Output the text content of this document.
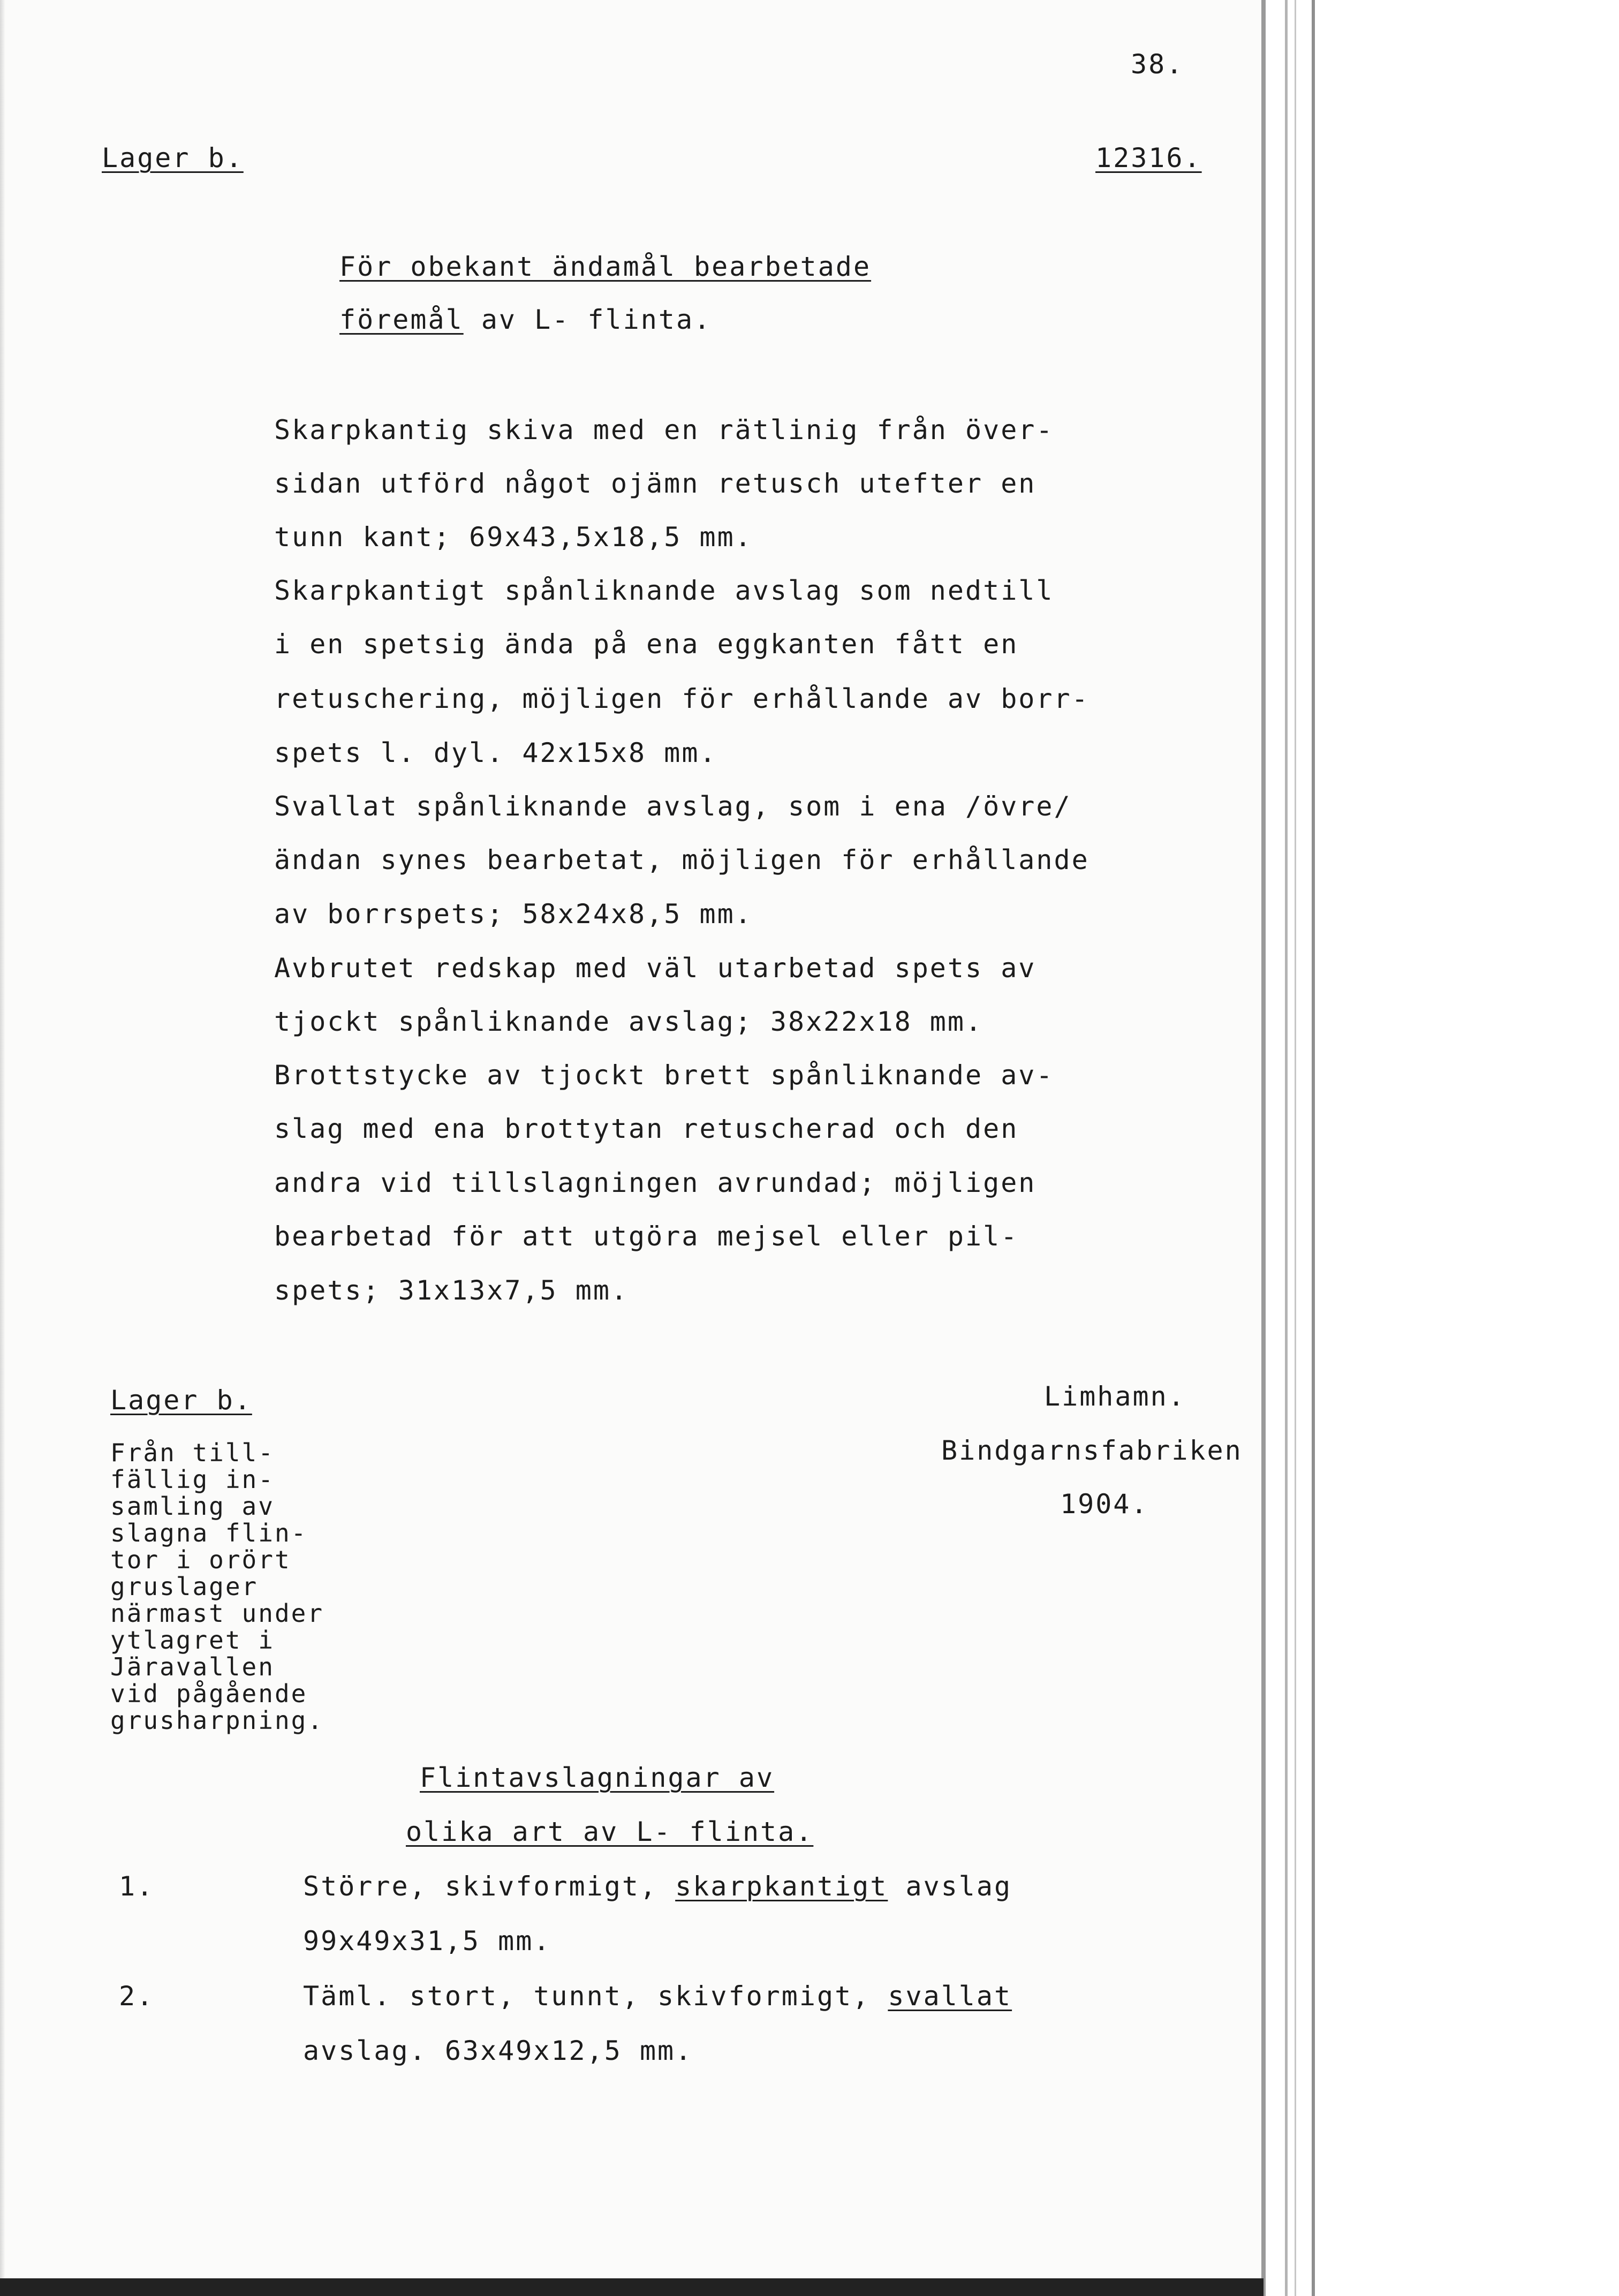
38.
Lager b.	12316.
För obekant ändamål bearbetade
föremål av L- flinta.
Skarpkantig skiva med en rätlinig från över-
sidan utförd något ojämn retusch utefter en
tunn kant; 69x43,5x18,5 mm.
Skarpkantigt spånliknande avslag som nedtill
i en spetsig ända på ena eggkanten fått en
retuschering, möjligen för erhållande av borr-
spets l. dyl. 42x15x8 mm.
Svallat spånliknande avslag, som i ena /övre/
ändan synes bearbetat, möjligen för erhållande
av borrspets; 58x24x8,5 mm.
Avbrutet redskap med väl utarbetad spets av
tjockt spånliknande avslag; 38x22x18 mm.
Brottstycke av tjockt brett spånliknande av-
slag med ena brottytan retuscherad och den
andra vid tillslagningen avrundad; möjligen
bearbetad för att utgöra mejsel eller pil-
spets; 31x13x7,5 mm.
Lager b.	Limhamn.
Bindgarnsfabriken
1904.
Från till-
fällig in-
samling av
slagna flin-
tor i orört
gruslager
närmast under
ytlagret i
Järavallen
vid pågående
grusharpning.
Flintavslagningar av
olika art av L- flinta.
1.	Större, skivformigt, skarpkantigt avslag
99x49x31,5 mm.
2.	Täml. stort, tunnt, skivformigt, svallat
avslag. 63x49x12,5 mm.
